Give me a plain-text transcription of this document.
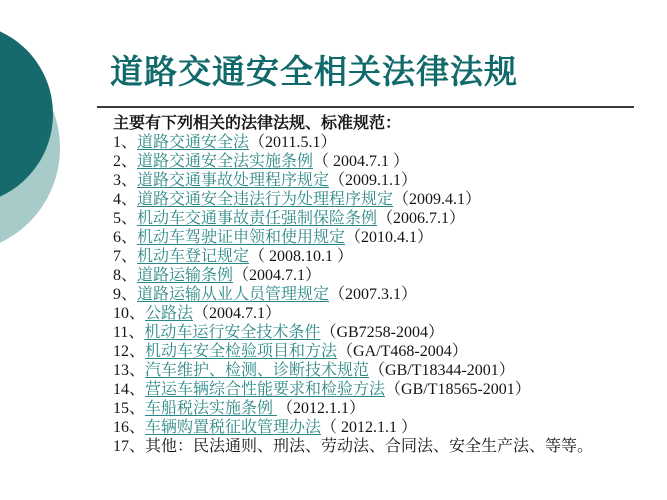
道路交通安全相关法律法规
主要有下列相关的法律法规、标准规范：
1、道路交通安全法（2011.5.1）
2、道路交通安全法实施条例（ 2004.7.1 ）
3、道路交通事故处理程序规定（2009.1.1）
4、道路交通安全违法行为处理程序规定（2009.4.1）
5、机动车交通事故责任强制保险条例（2006.7.1）
6、机动车驾驶证申领和使用规定（2010.4.1）
7、机动车登记规定（ 2008.10.1 ）
8、道路运输条例（2004.7.1）
9、道路运输从业人员管理规定（2007.3.1）
10、公路法（2004.7.1）
11、机动车运行安全技术条件（GB7258-2004）
12、机动车安全检验项目和方法（GA/T468-2004）
13、汽车维护、检测、诊断技术规范（GB/T18344-2001）
14、营运车辆综合性能要求和检验方法（GB/T18565-2001）
15、车船税法实施条例 （2012.1.1）
16、车辆购置税征收管理办法（ 2012.1.1 ）
17、其他：民法通则、刑法、劳动法、合同法、安全生产法、等等。
